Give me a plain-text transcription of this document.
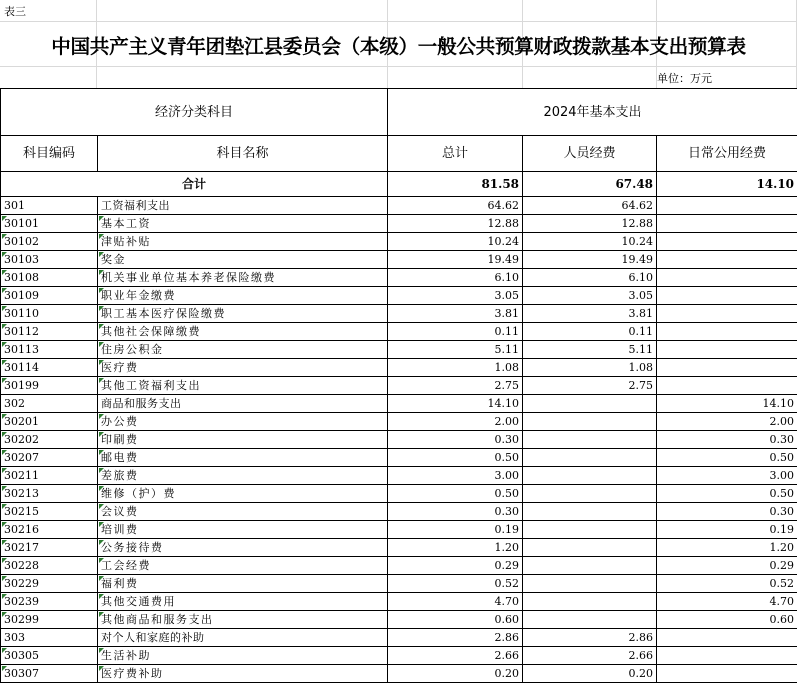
表三
中国共产主义青年团垫江县委员会（本级）一般公共预算财政拨款基本支出预算表
单位：万元
经济分类科目		2024年基本支出		
科目编码	科目名称	总计	人员经费	日常公用经费
合计		81.58	67.48	14.10
301	工资福利支出	64.62	64.62	
30101	基本工资	12.88	12.88	
30102	津贴补贴	10.24	10.24	
30103	奖金	19.49	19.49	
30108	机关事业单位基本养老保险缴费	6.10	6.10	
30109	职业年金缴费	3.05	3.05	
30110	职工基本医疗保险缴费	3.81	3.81	
30112	其他社会保障缴费	0.11	0.11	
30113	住房公积金	5.11	5.11	
30114	医疗费	1.08	1.08	
30199	其他工资福利支出	2.75	2.75	
302	商品和服务支出	14.10		14.10
30201	办公费	2.00		2.00
30202	印刷费	0.30		0.30
30207	邮电费	0.50		0.50
30211	差旅费	3.00		3.00
30213	维修（护）费	0.50		0.50
30215	会议费	0.30		0.30
30216	培训费	0.19		0.19
30217	公务接待费	1.20		1.20
30228	工会经费	0.29		0.29
30229	福利费	0.52		0.52
30239	其他交通费用	4.70		4.70
30299	其他商品和服务支出	0.60		0.60
303	对个人和家庭的补助	2.86	2.86	
30305	生活补助	2.66	2.66	
30307	医疗费补助	0.20	0.20	
